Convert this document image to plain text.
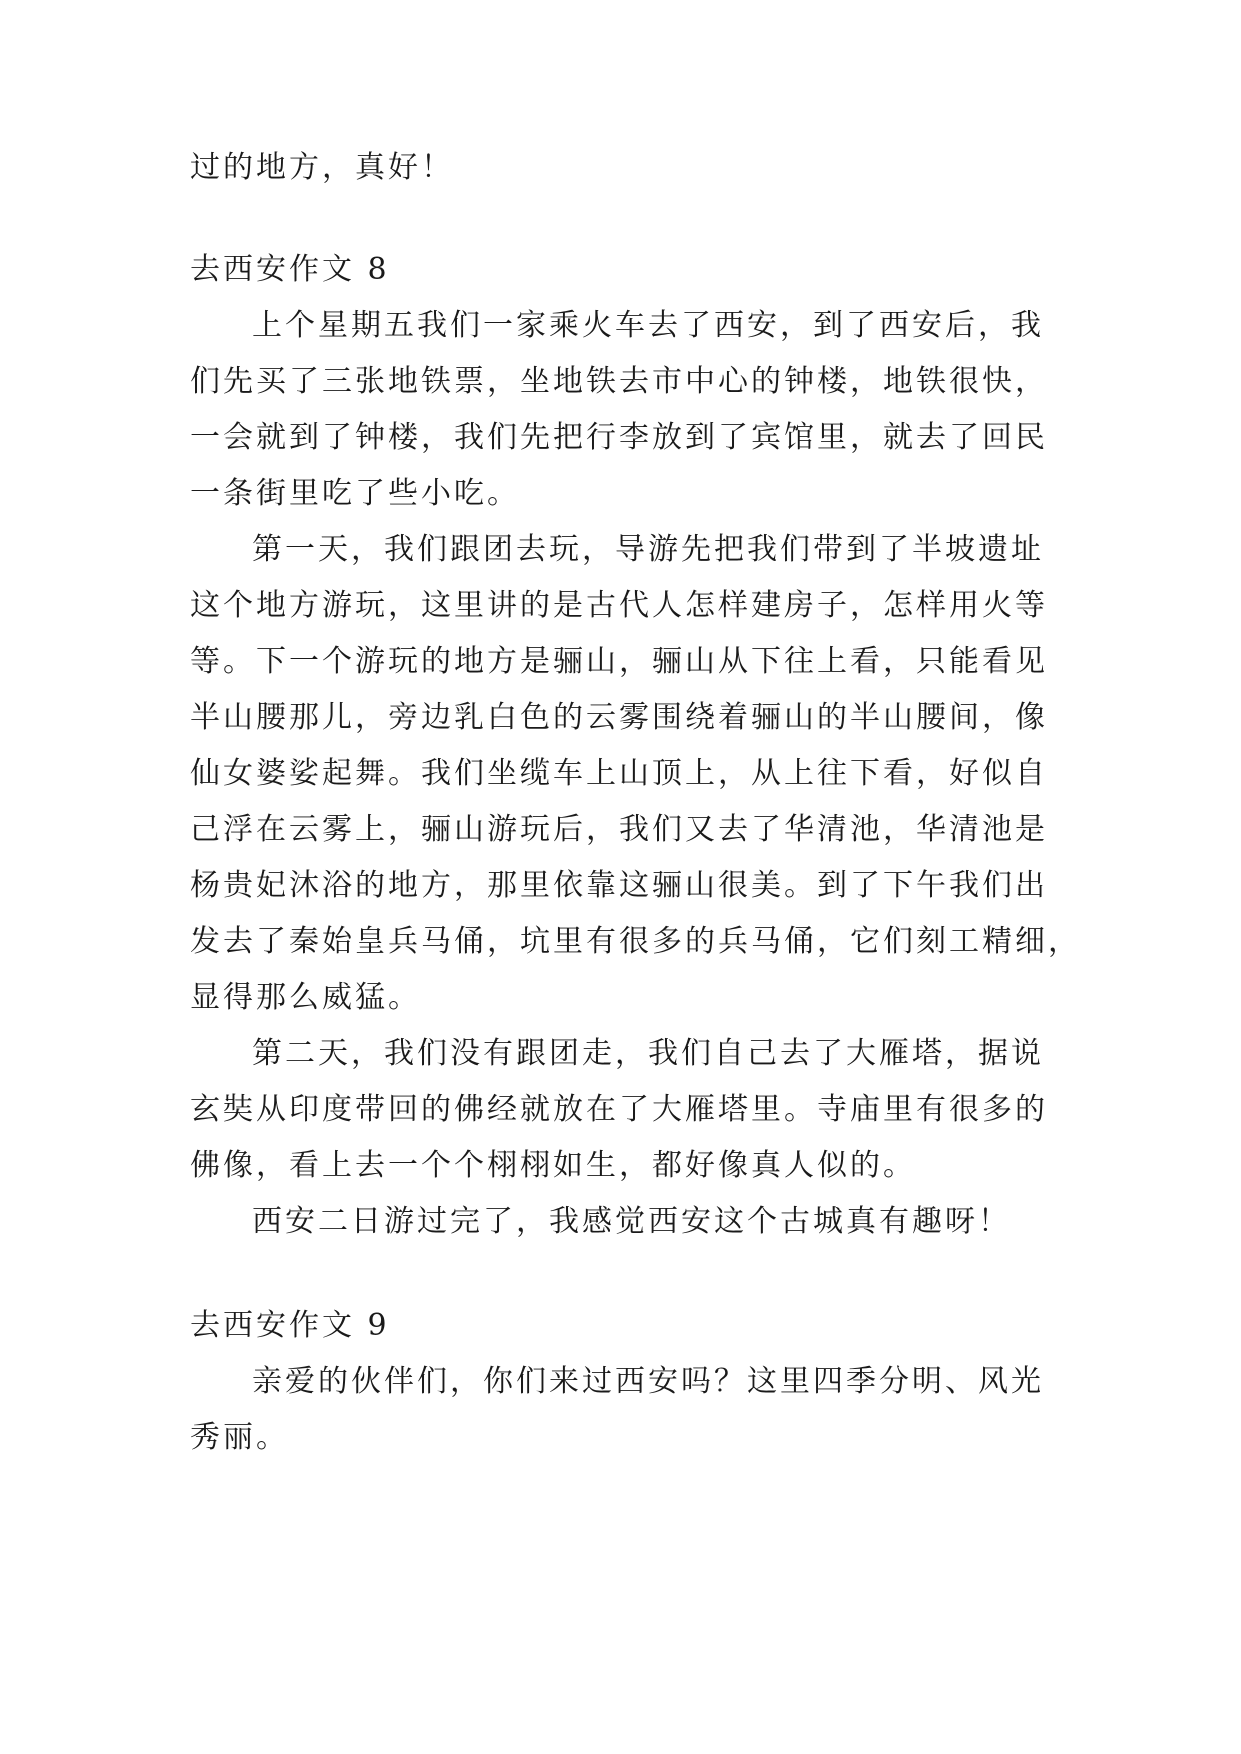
过的地方，真好！
去西安作文 8
上个星期五我们一家乘火车去了西安，到了西安后，我
们先买了三张地铁票，坐地铁去市中心的钟楼，地铁很快，
一会就到了钟楼，我们先把行李放到了宾馆里，就去了回民
一条街里吃了些小吃。
第一天，我们跟团去玩，导游先把我们带到了半坡遗址
这个地方游玩，这里讲的是古代人怎样建房子，怎样用火等
等。下一个游玩的地方是骊山，骊山从下往上看，只能看见
半山腰那儿，旁边乳白色的云雾围绕着骊山的半山腰间，像
仙女婆娑起舞。我们坐缆车上山顶上，从上往下看，好似自
己浮在云雾上，骊山游玩后，我们又去了华清池，华清池是
杨贵妃沐浴的地方，那里依靠这骊山很美。到了下午我们出
发去了秦始皇兵马俑，坑里有很多的兵马俑，它们刻工精细，
显得那么威猛。
第二天，我们没有跟团走，我们自己去了大雁塔，据说
玄奘从印度带回的佛经就放在了大雁塔里。寺庙里有很多的
佛像，看上去一个个栩栩如生，都好像真人似的。
西安二日游过完了，我感觉西安这个古城真有趣呀！
去西安作文 9
亲爱的伙伴们，你们来过西安吗？这里四季分明、风光
秀丽。
